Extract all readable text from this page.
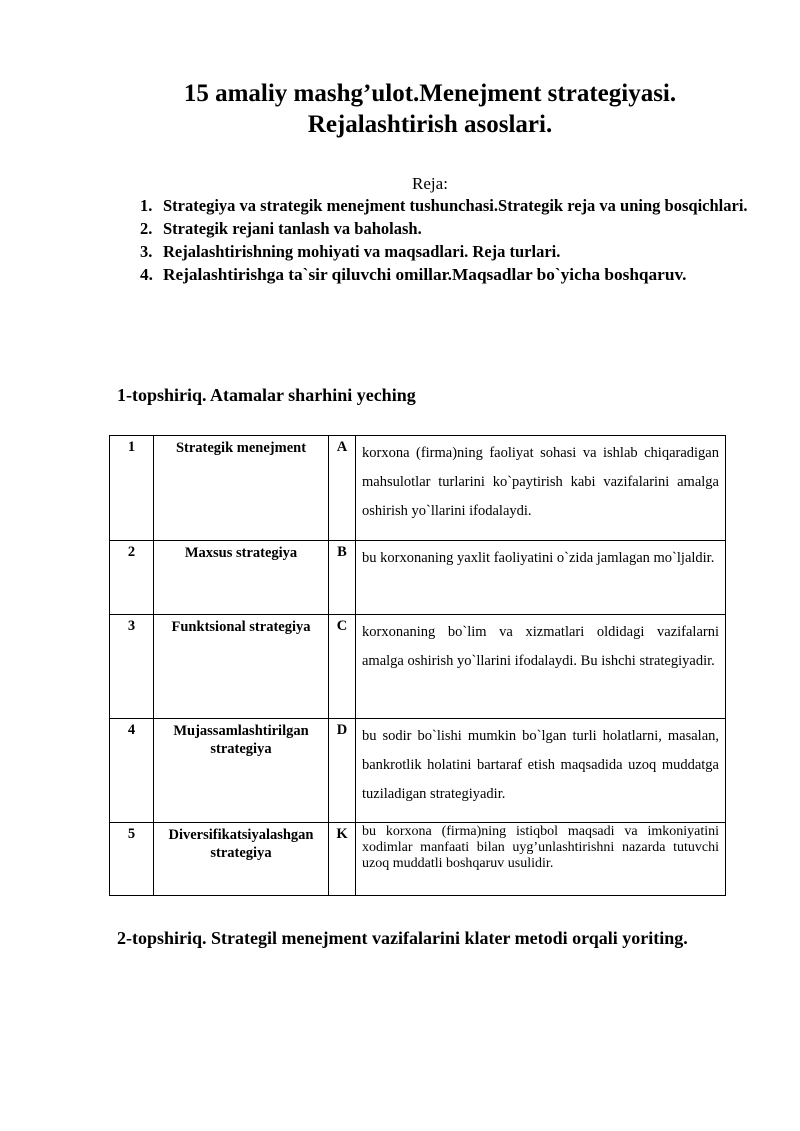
15 amaliy mashg’ulot.Menejment strategiyasi.
Rejalashtirish asoslari.
Reja:
1. Strategiya va strategik menejment tushunchasi.Strategik reja va uning bosqichlari.
2. Strategik rejani tanlash va baholash.
3. Rejalashtirishning mohiyati va maqsadlari. Reja turlari.
4. Rejalashtirishga ta`sir qiluvchi omillar.Maqsadlar bo`yicha boshqaruv.
1-topshiriq. Atamalar sharhini yeching
1	Strategik menejment	A	korxona (firma)ning faoliyat sohasi va ishlab chiqaradigan mahsulotlar turlarini ko`paytirish kabi vazifalarini amalga oshirish yo`llarini ifodalaydi.
2	Maxsus strategiya	B	bu korxonaning yaxlit faoliyatini o`zida jamlagan mo`ljaldir.
3	Funktsional strategiya	C	korxonaning bo`lim va xizmatlari oldidagi vazifalarni amalga oshirish yo`llarini ifodalaydi. Bu ishchi strategiyadir.
4	Mujassamlashtirilgan strategiya	D	bu sodir bo`lishi mumkin bo`lgan turli holatlarni, masalan, bankrotlik holatini bartaraf etish maqsadida uzoq muddatga tuziladigan strategiyadir.
5	Diversifikatsiyalashgan strategiya	K	bu korxona (firma)ning istiqbol maqsadi va imkoniyatini xodimlar manfaati bilan uyg’unlashtirishni nazarda tutuvchi uzoq muddatli boshqaruv usulidir.
2-topshiriq. Strategil menejment vazifalarini klater metodi orqali yoriting.
